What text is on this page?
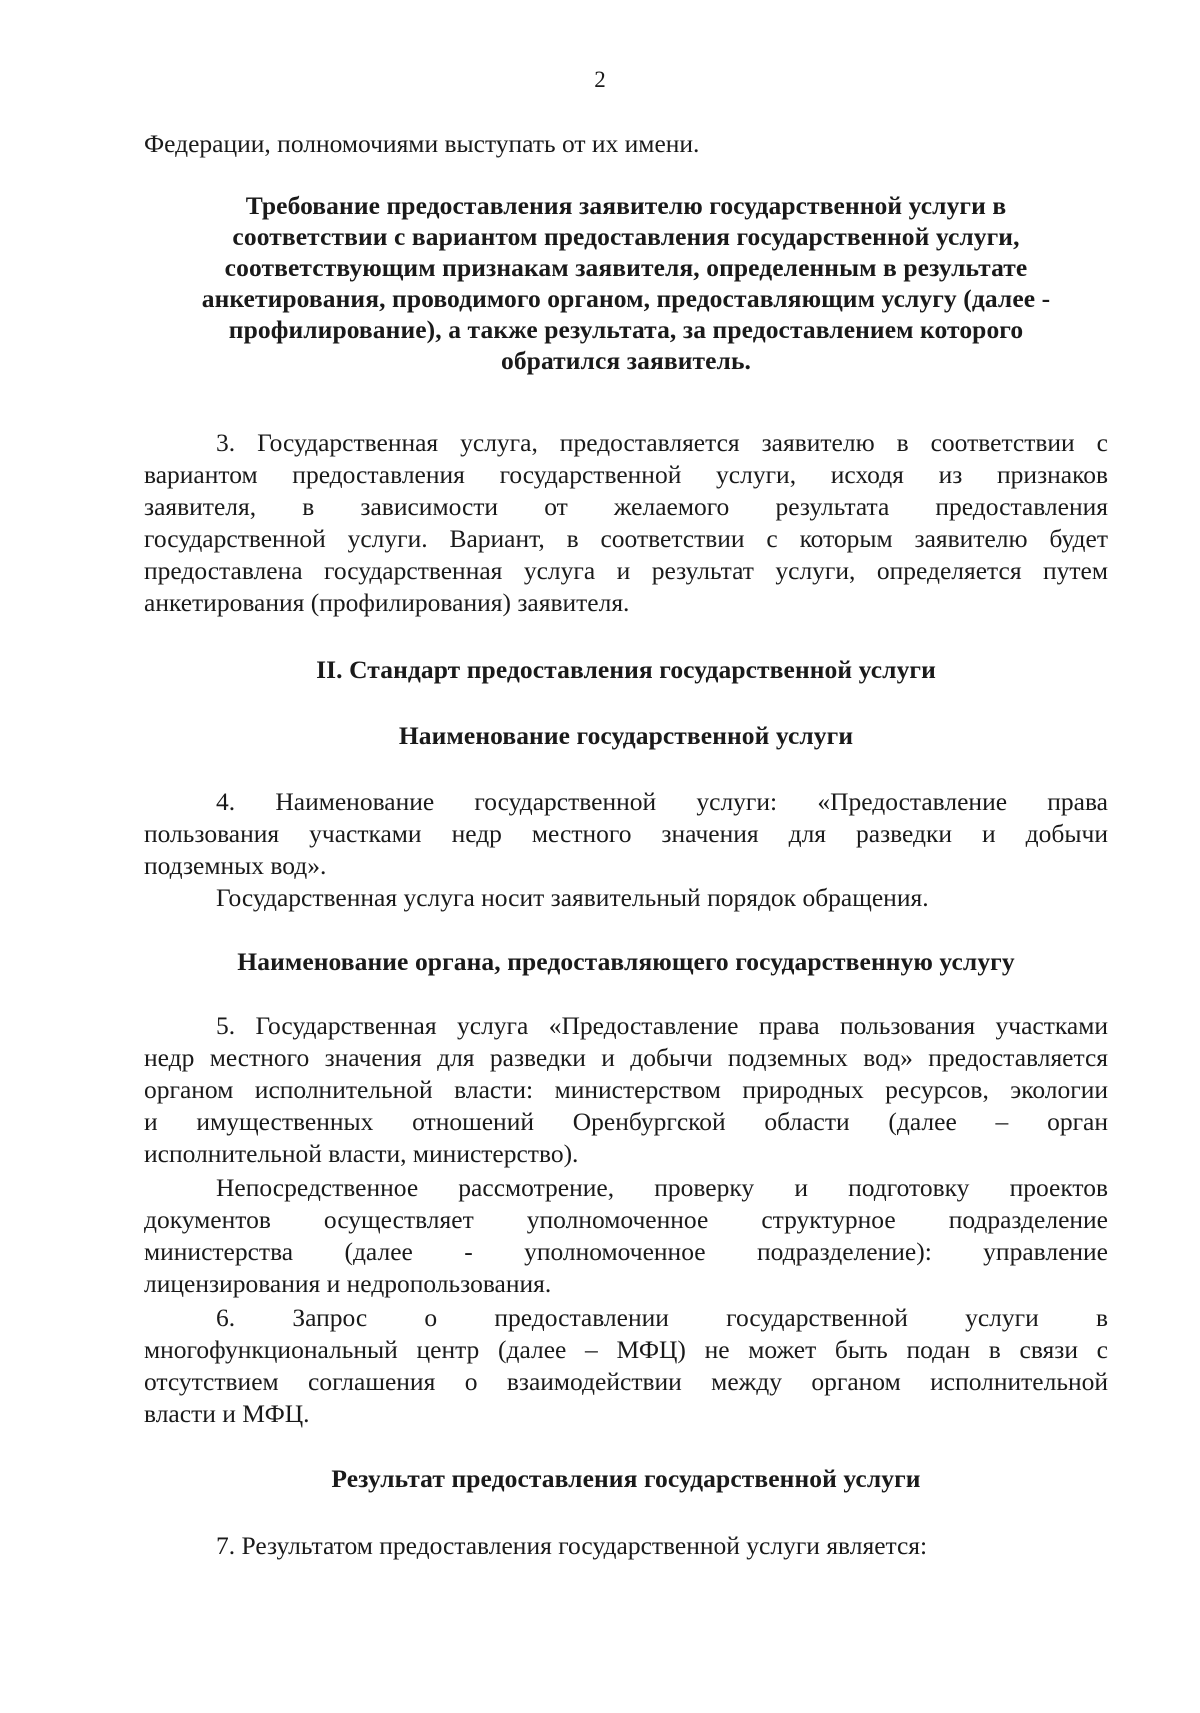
2
Федерации, полномочиями выступать от их имени.
Требование предоставления заявителю государственной услуги в
соответствии с вариантом предоставления государственной услуги,
соответствующим признакам заявителя, определенным в результате
анкетирования, проводимого органом, предоставляющим услугу (далее -
профилирование), а также результата, за предоставлением которого
обратился заявитель.
3. Государственная услуга, предоставляется заявителю в соответствии с
вариантом предоставления государственной услуги, исходя из признаков
заявителя, в зависимости от желаемого результата предоставления
государственной услуги. Вариант, в соответствии с которым заявителю будет
предоставлена государственная услуга и результат услуги, определяется путем
анкетирования (профилирования) заявителя.
II. Стандарт предоставления государственной услуги
Наименование государственной услуги
4. Наименование государственной услуги: «Предоставление права
пользования участками недр местного значения для разведки и добычи
подземных вод».
Государственная услуга носит заявительный порядок обращения.
Наименование органа, предоставляющего государственную услугу
5. Государственная услуга «Предоставление права пользования участками
недр местного значения для разведки и добычи подземных вод» предоставляется
органом исполнительной власти: министерством природных ресурсов, экологии
и имущественных отношений Оренбургской области (далее – орган
исполнительной власти, министерство).
Непосредственное рассмотрение, проверку и подготовку проектов
документов осуществляет уполномоченное структурное подразделение
министерства (далее - уполномоченное подразделение): управление
лицензирования и недропользования.
6. Запрос о предоставлении государственной услуги в
многофункциональный центр (далее – МФЦ) не может быть подан в связи с
отсутствием соглашения о взаимодействии между органом исполнительной
власти и МФЦ.
Результат предоставления государственной услуги
7. Результатом предоставления государственной услуги является:
